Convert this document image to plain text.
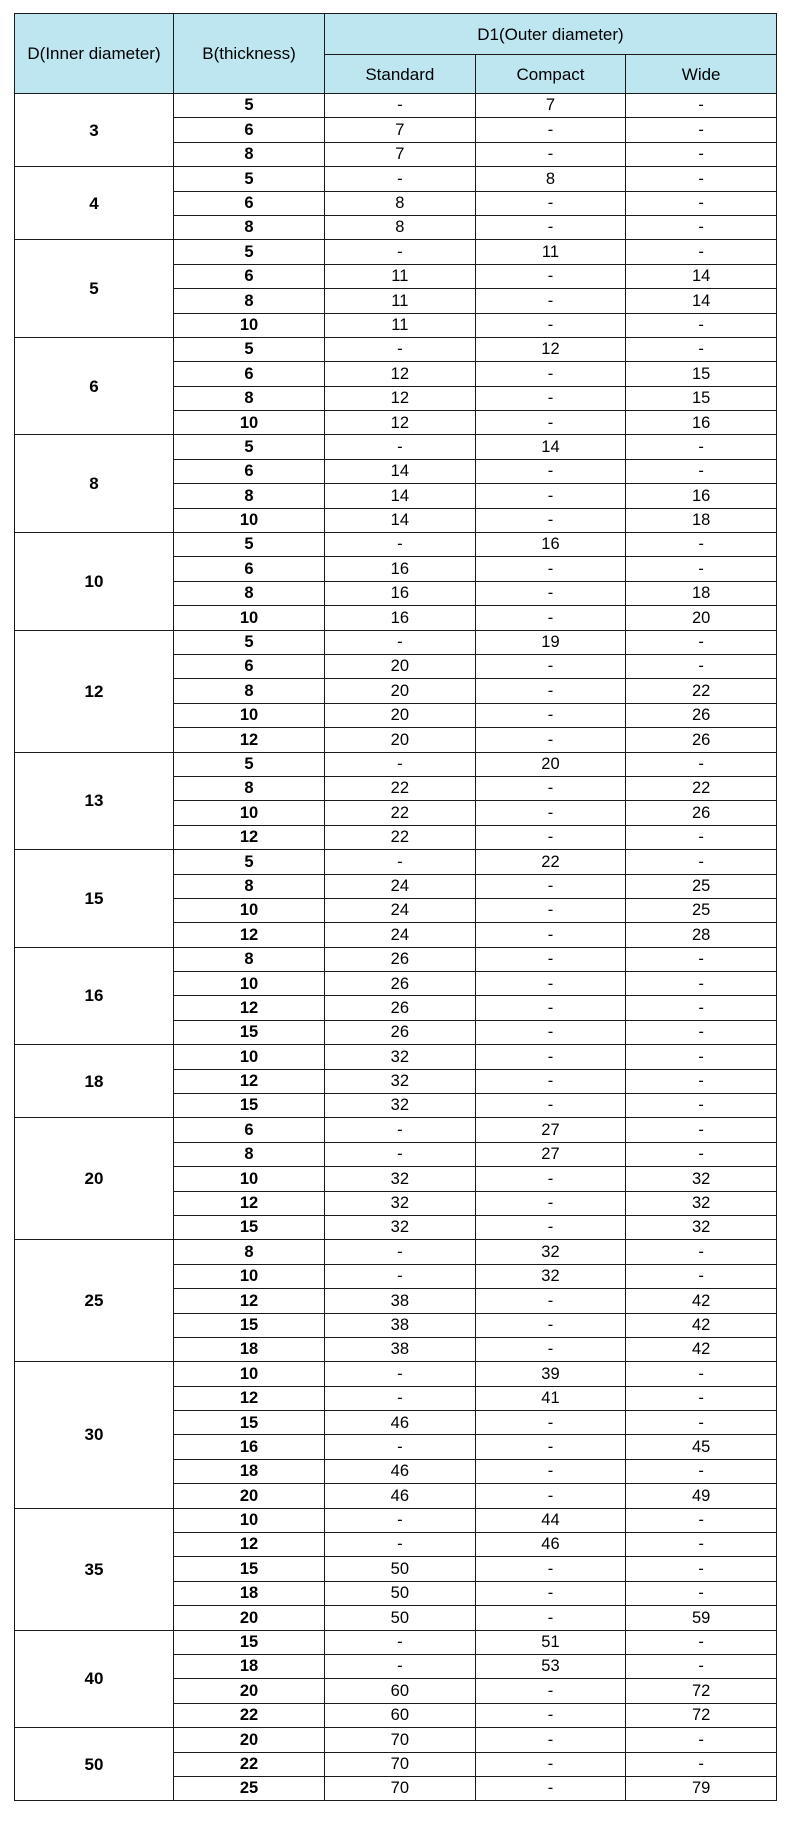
D(Inner diameter)	B(thickness)	D1(Outer diameter)		
		Standard	Compact	Wide
3	5	-	7	-
	6	7	-	-
	8	7	-	-
4	5	-	8	-
	6	8	-	-
	8	8	-	-
5	5	-	11	-
	6	11	-	14
	8	11	-	14
	10	11	-	-
6	5	-	12	-
	6	12	-	15
	8	12	-	15
	10	12	-	16
8	5	-	14	-
	6	14	-	-
	8	14	-	16
	10	14	-	18
10	5	-	16	-
	6	16	-	-
	8	16	-	18
	10	16	-	20
12	5	-	19	-
	6	20	-	-
	8	20	-	22
	10	20	-	26
	12	20	-	26
13	5	-	20	-
	8	22	-	22
	10	22	-	26
	12	22	-	-
15	5	-	22	-
	8	24	-	25
	10	24	-	25
	12	24	-	28
16	8	26	-	-
	10	26	-	-
	12	26	-	-
	15	26	-	-
18	10	32	-	-
	12	32	-	-
	15	32	-	-
20	6	-	27	-
	8	-	27	-
	10	32	-	32
	12	32	-	32
	15	32	-	32
25	8	-	32	-
	10	-	32	-
	12	38	-	42
	15	38	-	42
	18	38	-	42
30	10	-	39	-
	12	-	41	-
	15	46	-	-
	16	-	-	45
	18	46	-	-
	20	46	-	49
35	10	-	44	-
	12	-	46	-
	15	50	-	-
	18	50	-	-
	20	50	-	59
40	15	-	51	-
	18	-	53	-
	20	60	-	72
	22	60	-	72
50	20	70	-	-
	22	70	-	-
	25	70	-	79
